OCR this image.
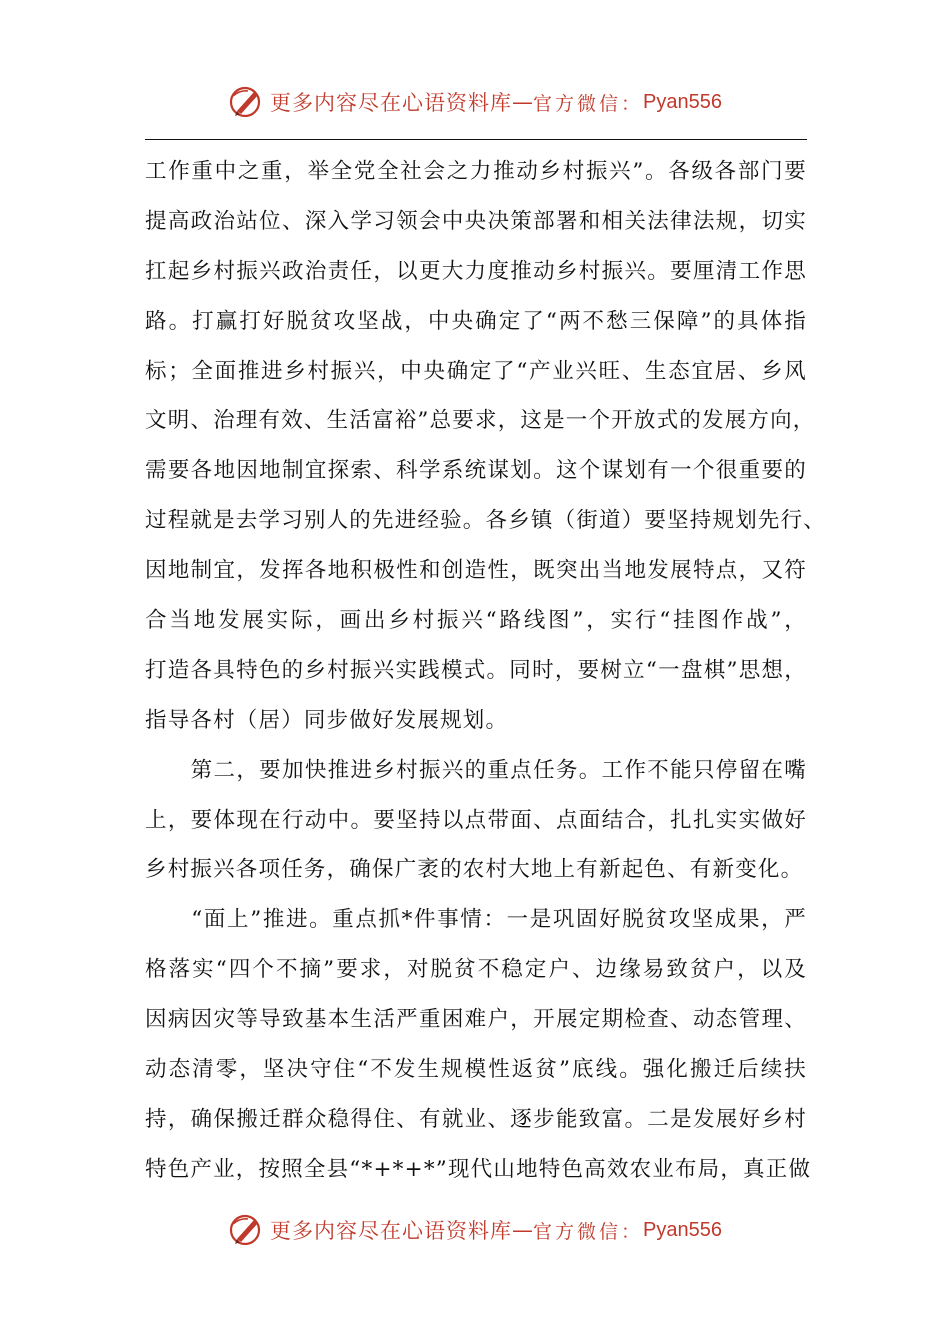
更多内容尽在心语资料库 — 官方微信： Pyan556
工作重中之重，举全党全社会之力推动乡村振兴”。各级各部门要
提高政治站位、深入学习领会中央决策部署和相关法律法规，切实
扛起乡村振兴政治责任，以更大力度推动乡村振兴。要厘清工作思
路。打赢打好脱贫攻坚战，中央确定了“两不愁三保障”的具体指
标；全面推进乡村振兴，中央确定了“产业兴旺、生态宜居、乡风
文明、治理有效、生活富裕”总要求，这是一个开放式的发展方向，
需要各地因地制宜探索、科学系统谋划。这个谋划有一个很重要的
过程就是去学习别人的先进经验。各乡镇（街道）要坚持规划先行、
因地制宜，发挥各地积极性和创造性，既突出当地发展特点，又符
合当地发展实际，画出乡村振兴“路线图”，实行“挂图作战”，
打造各具特色的乡村振兴实践模式。同时，要树立“一盘棋”思想，
指导各村（居）同步做好发展规划。
　　第二，要加快推进乡村振兴的重点任务。工作不能只停留在嘴
上，要体现在行动中。要坚持以点带面、点面结合，扎扎实实做好
乡村振兴各项任务，确保广袤的农村大地上有新起色、有新变化。
　　“面上”推进。重点抓*件事情：一是巩固好脱贫攻坚成果，严
格落实“四个不摘”要求，对脱贫不稳定户、边缘易致贫户，以及
因病因灾等导致基本生活严重困难户，开展定期检查、动态管理、
动态清零，坚决守住“不发生规模性返贫”底线。强化搬迁后续扶
持，确保搬迁群众稳得住、有就业、逐步能致富。二是发展好乡村
特色产业，按照全县“*+*+*”现代山地特色高效农业布局，真正做
更多内容尽在心语资料库 — 官方微信： Pyan556
